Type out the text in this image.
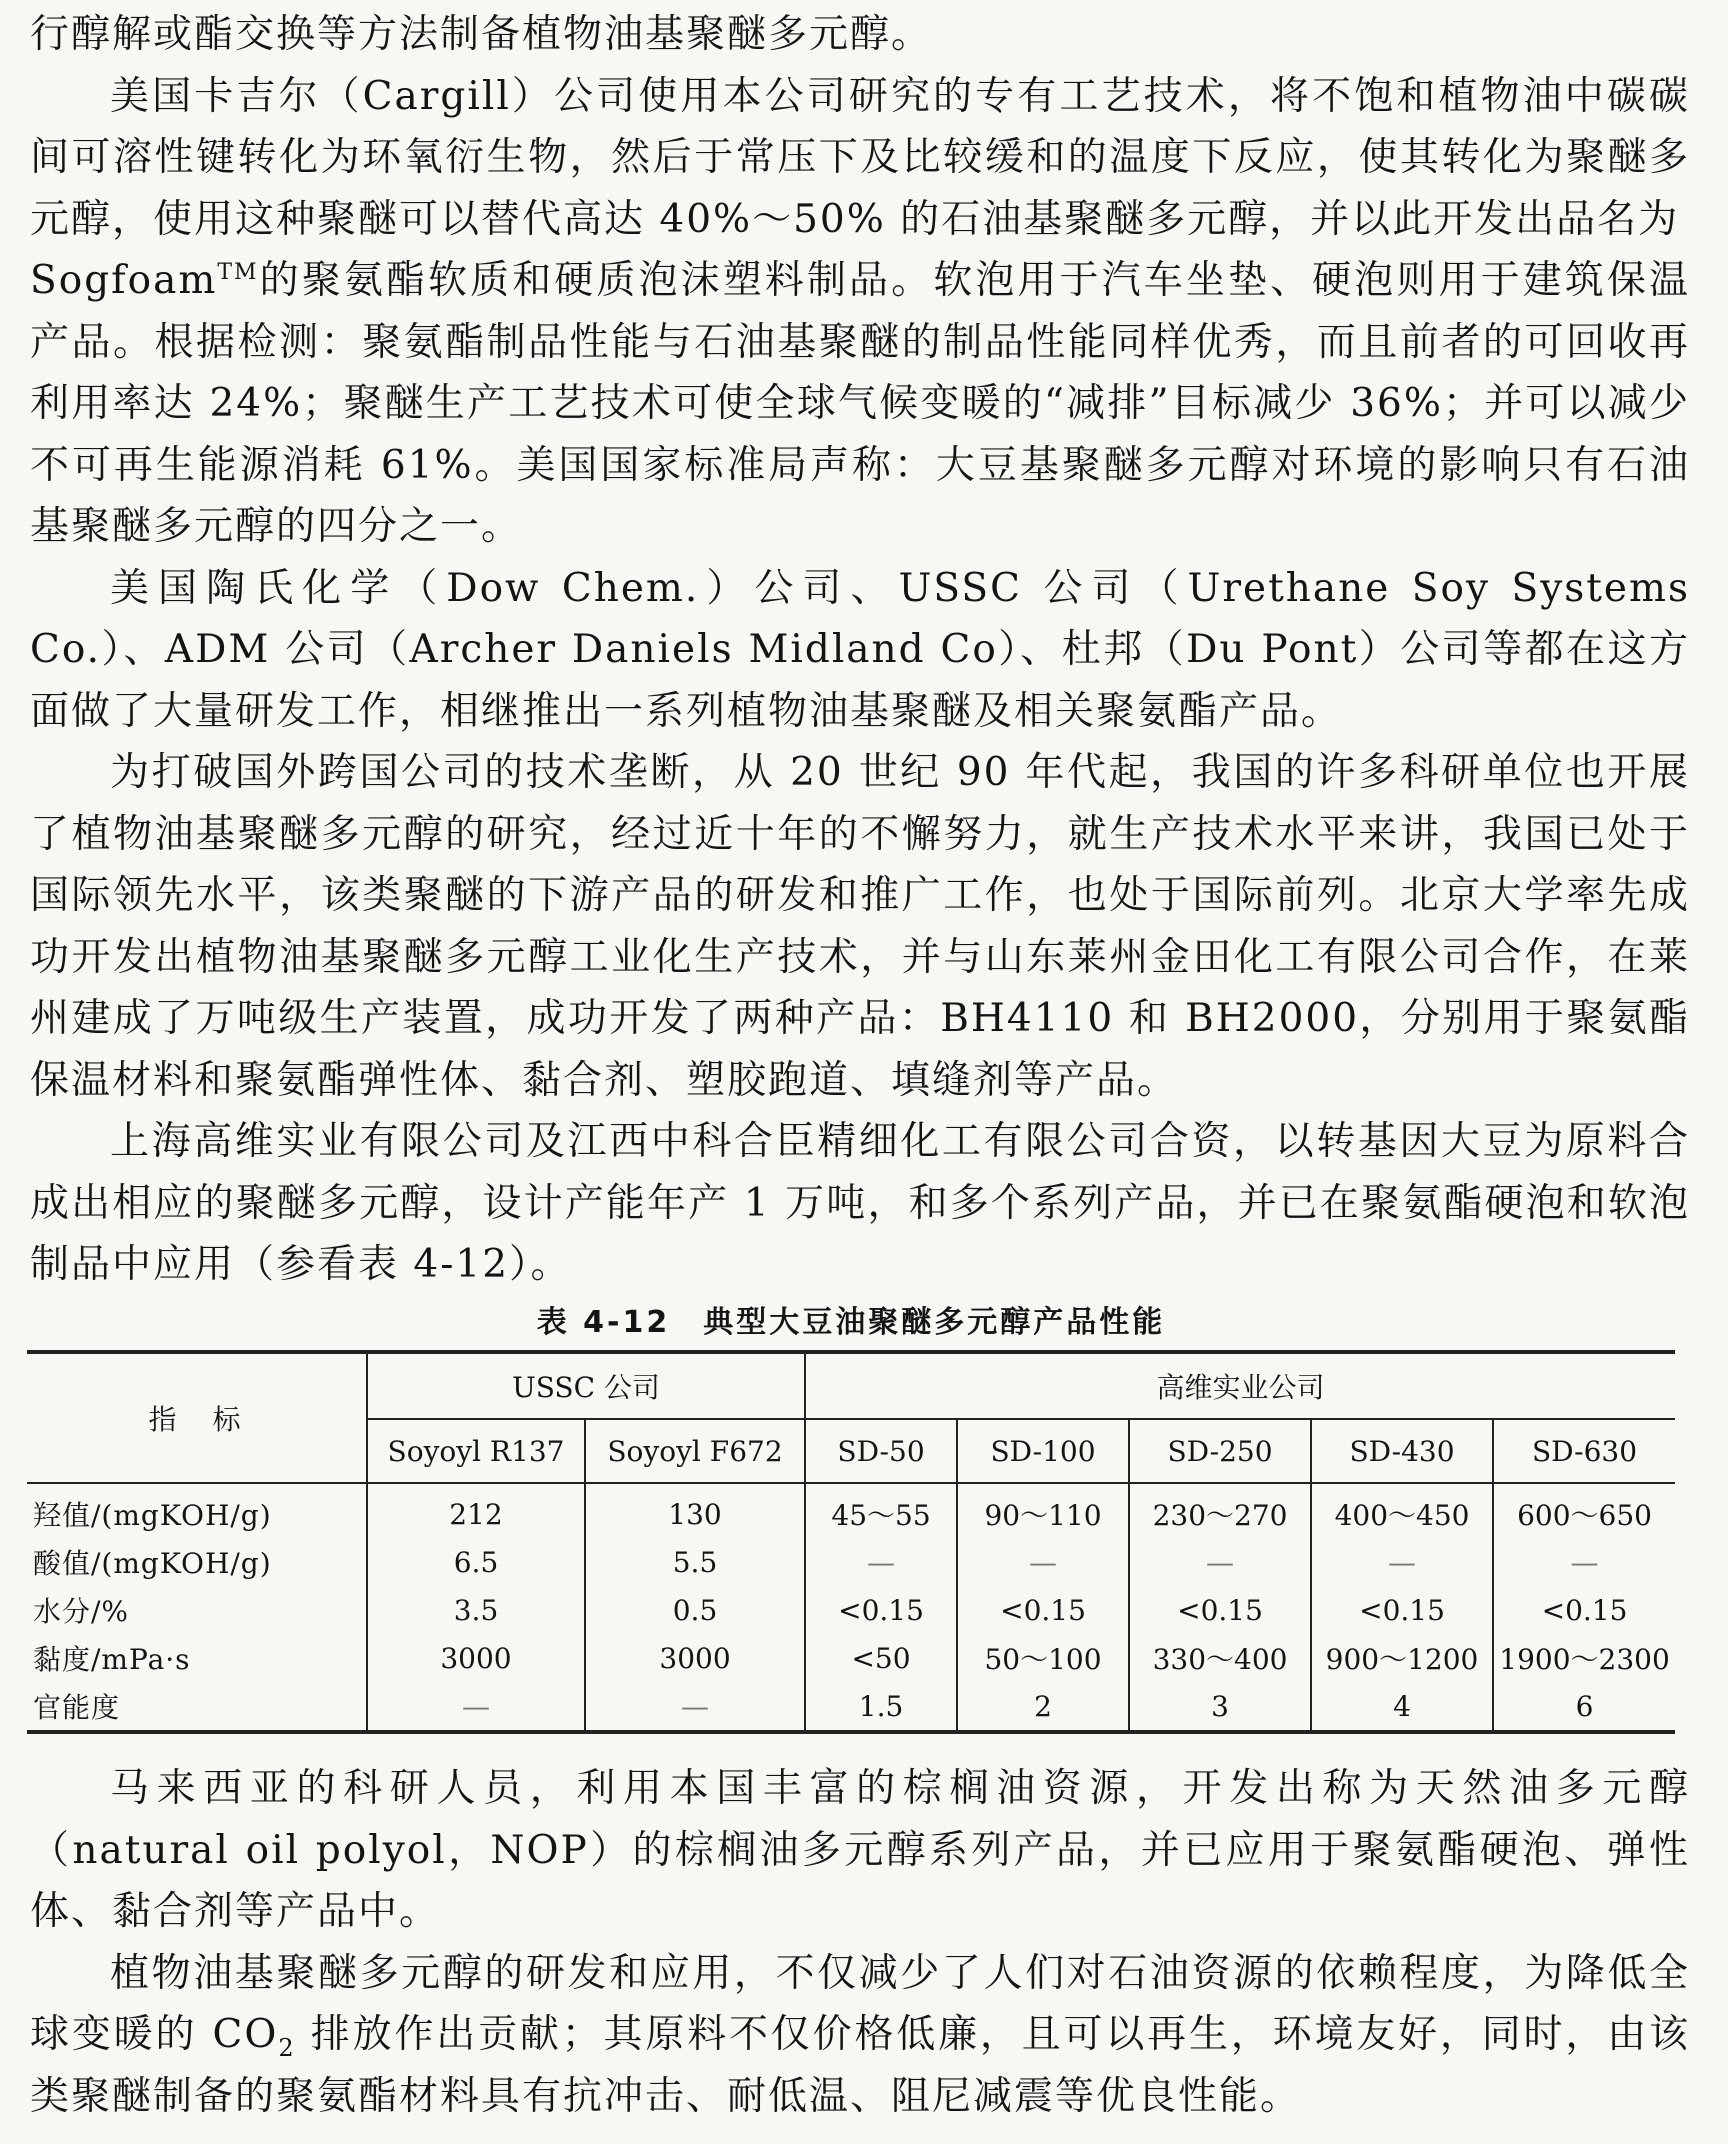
行醇解或酯交换等方法制备植物油基聚醚多元醇。

美国卡吉尔（Cargill）公司使用本公司研究的专有工艺技术，将不饱和植物油中碳碳间可溶性键转化为环氧衍生物，然后于常压下及比较缓和的温度下反应，使其转化为聚醚多元醇，使用这种聚醚可以替代高达 40%～50% 的石油基聚醚多元醇，并以此开发出品名为
Sogfoam™的聚氨酯软质和硬质泡沫塑料制品。软泡用于汽车坐垫、硬泡则用于建筑保温产品。根据检测：聚氨酯制品性能与石油基聚醚的制品性能同样优秀，而且前者的可回收再利用率达 24%；聚醚生产工艺技术可使全球气候变暖的“减排”目标减少 36%；并可以减少不可再生能源消耗 61%。美国国家标准局声称：大豆基聚醚多元醇对环境的影响只有石油基聚醚多元醇的四分之一。

美国陶氏化学（Dow Chem.）公司、USSC 公司（Urethane Soy Systems Co.）、ADM 公司（Archer Daniels Midland Co）、杜邦（Du Pont）公司等都在这方面做了大量研发工作，相继推出一系列植物油基聚醚及相关聚氨酯产品。

为打破国外跨国公司的技术垄断，从 20 世纪 90 年代起，我国的许多科研单位也开展了植物油基聚醚多元醇的研究，经过近十年的不懈努力，就生产技术水平来讲，我国已处于国际领先水平，该类聚醚的下游产品的研发和推广工作，也处于国际前列。北京大学率先成功开发出植物油基聚醚多元醇工业化生产技术，并与山东莱州金田化工有限公司合作，在莱州建成了万吨级生产装置，成功开发了两种产品：BH4110 和 BH2000，分别用于聚氨酯保温材料和聚氨酯弹性体、黏合剂、塑胶跑道、填缝剂等产品。

上海高维实业有限公司及江西中科合臣精细化工有限公司合资，以转基因大豆为原料合成出相应的聚醚多元醇，设计产能年产 1 万吨，和多个系列产品，并已在聚氨酯硬泡和软泡制品中应用（参看表 4-12）。

表 4-12　典型大豆油聚醚多元醇产品性能
指　标	USSC 公司		高维实业公司				
	Soyoyl R137	Soyoyl F672	SD-50	SD-100	SD-250	SD-430	SD-630
羟值/(mgKOH/g)	212	130	45～55	90～110	230～270	400～450	600～650
酸值/(mgKOH/g)	6.5	5.5	—	—	—	—	—
水分/%	3.5	0.5	<0.15	<0.15	<0.15	<0.15	<0.15
黏度/mPa·s	3000	3000	<50	50～100	330～400	900～1200	1900～2300
官能度	—	—	1.5	2	3	4	6

马来西亚的科研人员，利用本国丰富的棕榈油资源，开发出称为天然油多元醇（natural oil polyol，NOP）的棕榈油多元醇系列产品，并已应用于聚氨酯硬泡、弹性体、黏合剂等产品中。

植物油基聚醚多元醇的研发和应用，不仅减少了人们对石油资源的依赖程度，为降低全球变暖的 $CO_2$ 排放作出贡献；其原料不仅价格低廉，且可以再生，环境友好，同时，由该类聚醚制备的聚氨酯材料具有抗冲击、耐低温、阻尼减震等优良性能。
